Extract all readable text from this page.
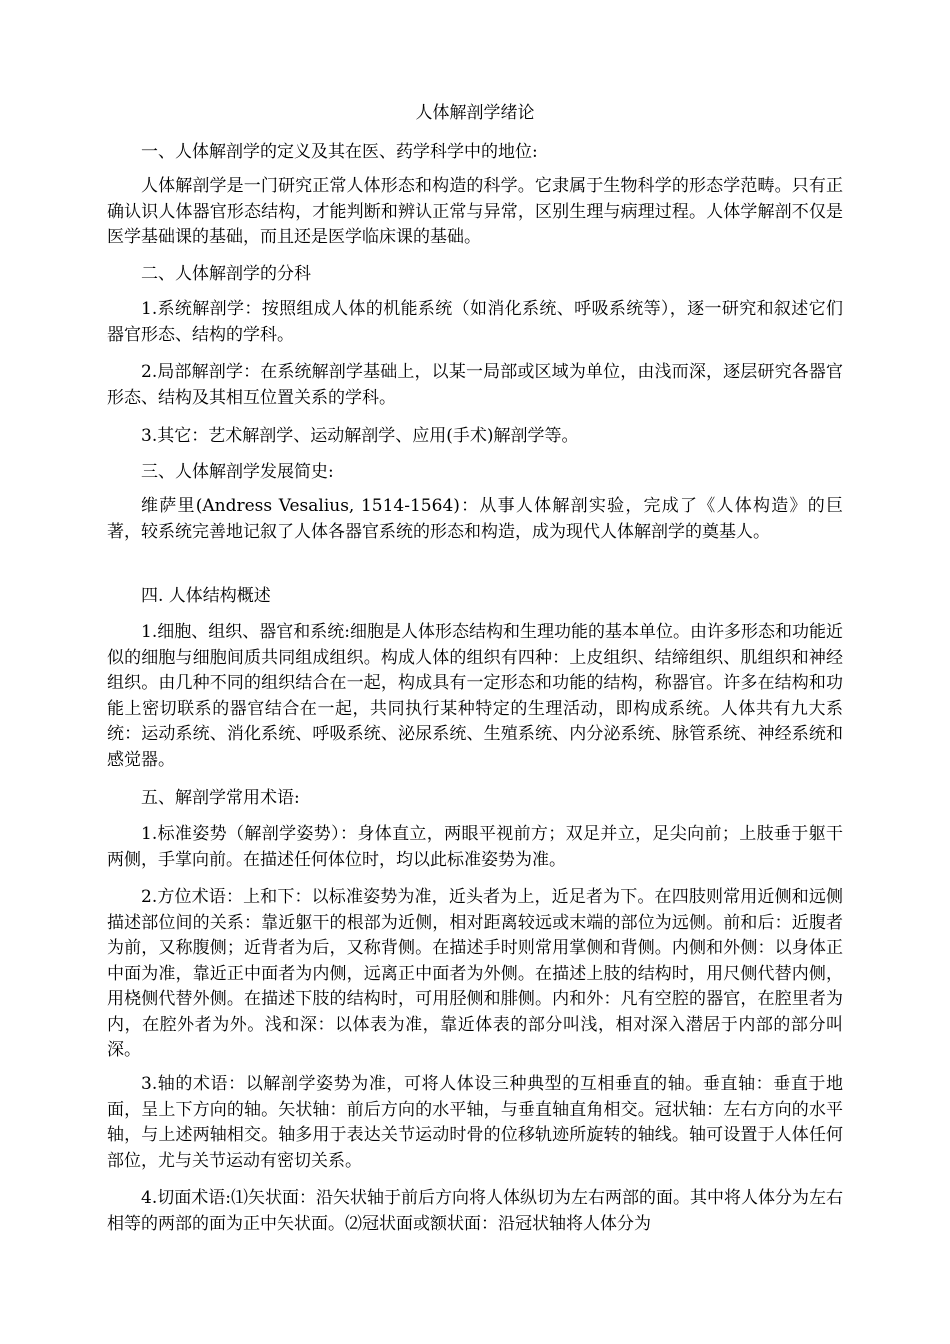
人体解剖学绪论
一、人体解剖学的定义及其在医、药学科学中的地位:
人体解剖学是一门研究正常人体形态和构造的科学。它隶属于生物科学的形态学范畴。只有正确认识人体器官形态结构，才能判断和辨认正常与异常，区别生理与病理过程。人体学解剖不仅是医学基础课的基础，而且还是医学临床课的基础。
二、人体解剖学的分科
1.系统解剖学：按照组成人体的机能系统（如消化系统、呼吸系统等），逐一研究和叙述它们器官形态、结构的学科。
2.局部解剖学：在系统解剖学基础上，以某一局部或区域为单位，由浅而深，逐层研究各器官形态、结构及其相互位置关系的学科。
3.其它：艺术解剖学、运动解剖学、应用(手术)解剖学等。
三、人体解剖学发展简史:
维萨里(Andress Vesalius, 1514-1564)：从事人体解剖实验，完成了《人体构造》的巨著，较系统完善地记叙了人体各器官系统的形态和构造，成为现代人体解剖学的奠基人。
四. 人体结构概述
1.细胞、组织、器官和系统:细胞是人体形态结构和生理功能的基本单位。由许多形态和功能近似的细胞与细胞间质共同组成组织。构成人体的组织有四种：上皮组织、结缔组织、肌组织和神经组织。由几种不同的组织结合在一起，构成具有一定形态和功能的结构，称器官。许多在结构和功能上密切联系的器官结合在一起，共同执行某种特定的生理活动，即构成系统。人体共有九大系统：运动系统、消化系统、呼吸系统、泌尿系统、生殖系统、内分泌系统、脉管系统、神经系统和感觉器。
五、解剖学常用术语:
1.标准姿势（解剖学姿势）：身体直立，两眼平视前方；双足并立，足尖向前；上肢垂于躯干两侧，手掌向前。在描述任何体位时，均以此标准姿势为准。
2.方位术语：上和下：以标准姿势为准，近头者为上，近足者为下。在四肢则常用近侧和远侧描述部位间的关系：靠近躯干的根部为近侧，相对距离较远或末端的部位为远侧。前和后：近腹者为前，又称腹侧；近背者为后，又称背侧。在描述手时则常用掌侧和背侧。内侧和外侧：以身体正中面为准，靠近正中面者为内侧，远离正中面者为外侧。在描述上肢的结构时，用尺侧代替内侧，用桡侧代替外侧。在描述下肢的结构时，可用胫侧和腓侧。内和外：凡有空腔的器官，在腔里者为内，在腔外者为外。浅和深：以体表为准，靠近体表的部分叫浅，相对深入潜居于内部的部分叫深。
3.轴的术语：以解剖学姿势为准，可将人体设三种典型的互相垂直的轴。垂直轴：垂直于地面，呈上下方向的轴。矢状轴：前后方向的水平轴，与垂直轴直角相交。冠状轴：左右方向的水平轴，与上述两轴相交。轴多用于表达关节运动时骨的位移轨迹所旋转的轴线。轴可设置于人体任何部位，尤与关节运动有密切关系。
4.切面术语:⑴矢状面：沿矢状轴于前后方向将人体纵切为左右两部的面。其中将人体分为左右相等的两部的面为正中矢状面。⑵冠状面或额状面：沿冠状轴将人体分为
